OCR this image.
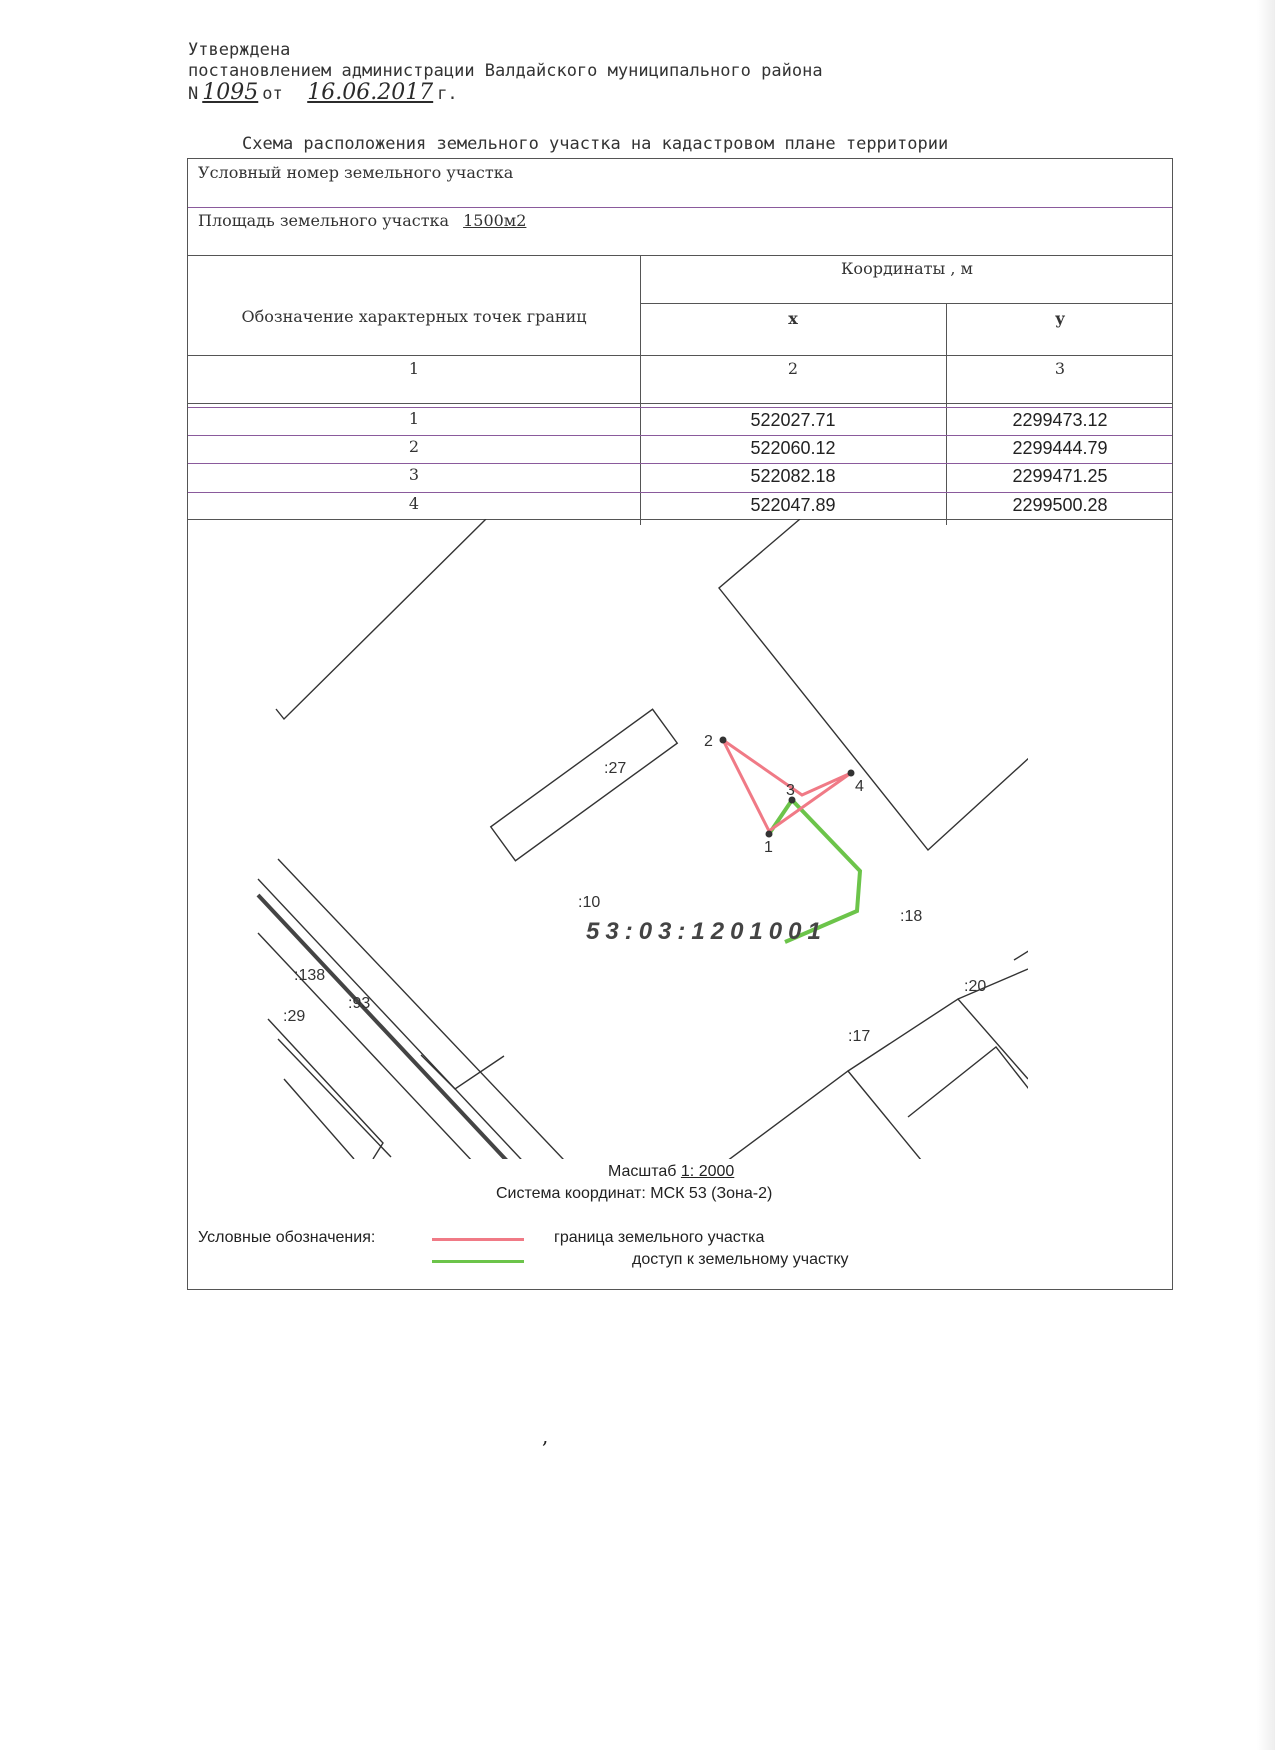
Утверждена
постановлением администрации Валдайского муниципального района
N 1095 от 16.06.2017 г.
Схема расположения земельного участка на кадастровом плане территории
Условный номер земельного участка
Площадь земельного участка 1500м2
Обозначение характерных точек границ
Координаты , м
x	y
1	2	3
1	522027.71	2299473.12
2	522060.12	2299444.79
3	522082.18	2299471.25
4	522047.89	2299500.28
1
2
3	4
:27
:10
:18
:20
:17
:138
:93
:29
53:03:1201001
Масштаб 1: 2000
Система координат: МСК 53 (Зона-2)
Условные обозначения:	граница земельного участка
доступ к земельному участку
,
